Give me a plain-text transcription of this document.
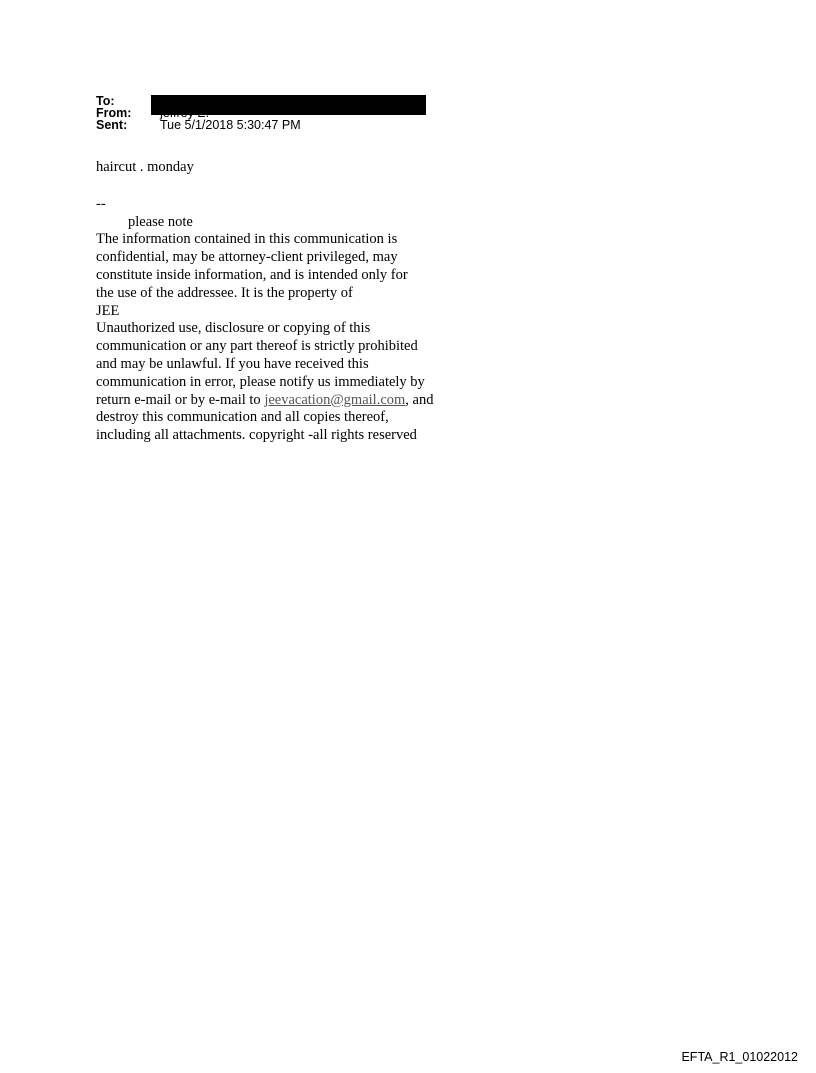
To:
From:
Sent:	Tue 5/1/2018 5:30:47 PM

haircut . monday

--

please note

The information contained in this communication is

confidential, may be attorney-client privileged, may

constitute inside information, and is intended only for

the use of the addressee. It is the property of

JEE

Unauthorized use, disclosure or copying of this

communication or any part thereof is strictly prohibited

and may be unlawful. If you have received this

communication in error, please notify us immediately by

return e-mail or by e-mail to jeevacation@gmail.com, and

destroy this communication and all copies thereof,

including all attachments. copyright -all rights reserved

EFTA_R1_01022012
